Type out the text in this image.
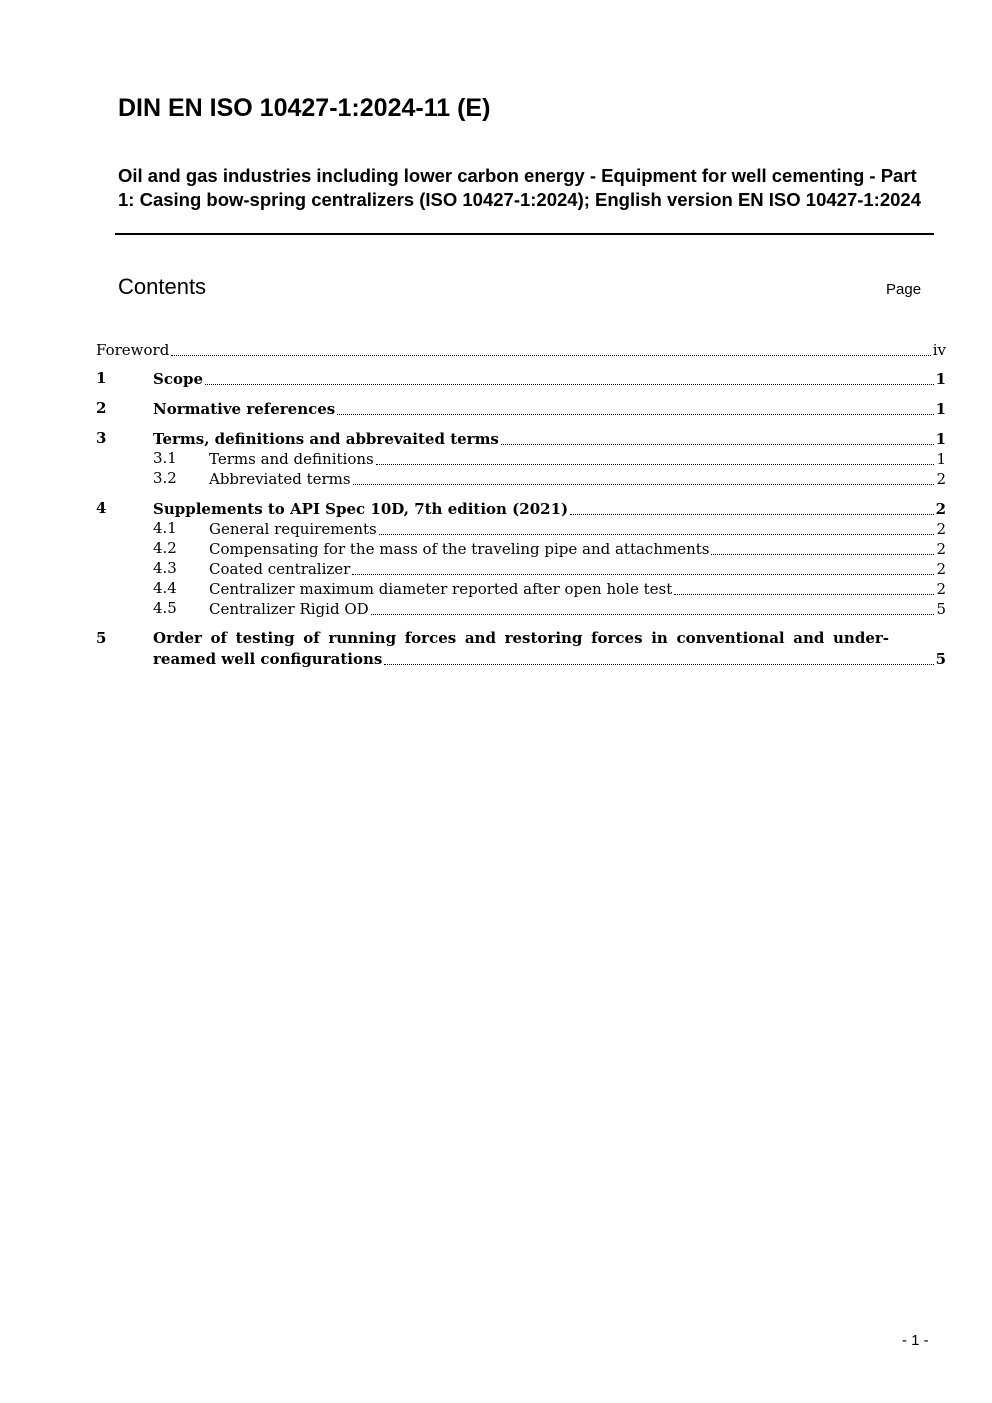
DIN EN ISO 10427-1:2024-11 (E)
Oil and gas industries including lower carbon energy - Equipment for well cementing - Part 1: Casing bow-spring centralizers (ISO 10427-1:2024); English version EN ISO 10427-1:2024
Contents	Page
Foreword	iv
1	Scope	1
2	Normative references	1
3	Terms, definitions and abbrevaited terms	1
3.1 Terms and definitions	1
3.2 Abbreviated terms	2
4	Supplements to API Spec 10D, 7th edition (2021)	2
4.1 General requirements	2
4.2 Compensating for the mass of the traveling pipe and attachments	2
4.3 Coated centralizer	2
4.4 Centralizer maximum diameter reported after open hole test	2
4.5 Centralizer Rigid OD	5
5	Order of testing of running forces and restoring forces in conventional and under-
reamed well configurations	5
- 1 -
